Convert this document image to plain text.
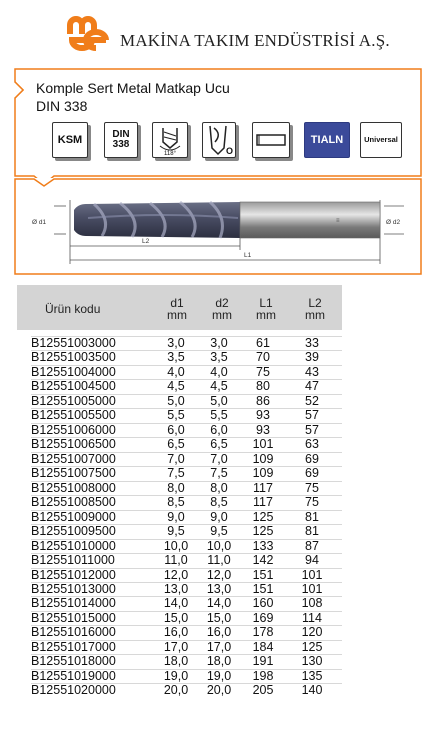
MAKİNA TAKIM ENDÜSTRİSİ A.Ş.
Komple Sert Metal Matkap Ucu
DIN 338
KSM	DIN 338
118°	O
TIALN	Universal
≡
Ø d1	Ø d2
L2
L1
Ürün kodu	d1
mm
d2
mm
L1
mm
L2
mm
B12551003000	3,0	3,0	61	33
B12551003500	3,5	3,5	70	39
B12551004000	4,0	4,0	75	43
B12551004500	4,5	4,5	80	47
B12551005000	5,0	5,0	86	52
B12551005500	5,5	5,5	93	57
B12551006000	6,0	6,0	93	57
B12551006500	6,5	6,5	101	63
B12551007000	7,0	7,0	109	69
B12551007500	7,5	7,5	109	69
B12551008000	8,0	8,0	117	75
B12551008500	8,5	8,5	117	75
B12551009000	9,0	9,0	125	81
B12551009500	9,5	9,5	125	81
B12551010000	10,0	10,0	133	87
B12551011000	11,0	11,0	142	94
B12551012000	12,0	12,0	151	101
B12551013000	13,0	13,0	151	101
B12551014000	14,0	14,0	160	108
B12551015000	15,0	15,0	169	114
B12551016000	16,0	16,0	178	120
B12551017000	17,0	17,0	184	125
B12551018000	18,0	18,0	191	130
B12551019000	19,0	19,0	198	135
B12551020000	20,0	20,0	205	140
